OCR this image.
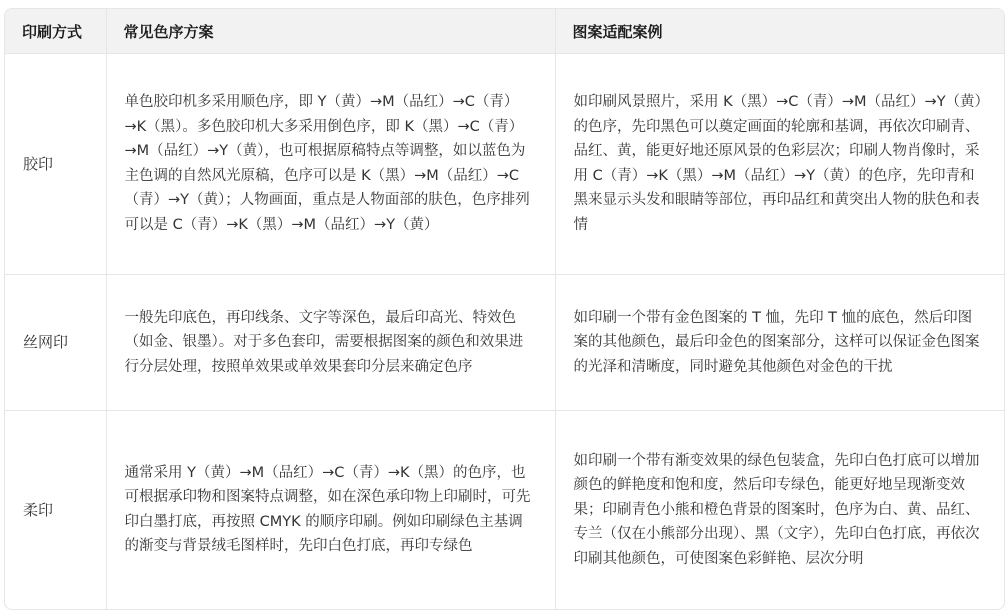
印刷方式	常见色序方案	图案适配案例
胶印	单色胶印机多采用顺色序，即 Y（黄）→M（品红）→C（青）→K（黑）。多色胶印机大多采用倒色序，即 K（黑）→C（青）→M（品红）→Y（黄），也可根据原稿特点等调整，如以蓝色为主色调的自然风光原稿，色序可以是 K（黑）→M（品红）→C（青）→Y（黄）；人物画面，重点是人物面部的肤色，色序排列可以是 C（青）→K（黑）→M（品红）→Y（黄）	如印刷风景照片，采用 K（黑）→C（青）→M（品红）→Y（黄）的色序，先印黑色可以奠定画面的轮廓和基调，再依次印刷青、品红、黄，能更好地还原风景的色彩层次；印刷人物肖像时，采用 C（青）→K（黑）→M（品红）→Y（黄）的色序，先印青和黑来显示头发和眼睛等部位，再印品红和黄突出人物的肤色和表情

丝网印	一般先印底色，再印线条、文字等深色，最后印高光、特效色（如金、银墨）。对于多色套印，需要根据图案的颜色和效果进行分层处理，按照单效果或单效果套印分层来确定色序	如印刷一个带有金色图案的 T 恤，先印 T 恤的底色，然后印图案的其他颜色，最后印金色的图案部分，这样可以保证金色图案的光泽和清晰度，同时避免其他颜色对金色的干扰

柔印	通常采用 Y（黄）→M（品红）→C（青）→K（黑）的色序，也可根据承印物和图案特点调整，如在深色承印物上印刷时，可先印白墨打底，再按照 CMYK 的顺序印刷。例如印刷绿色主基调的渐变与背景绒毛图样时，先印白色打底，再印专绿色	如印刷一个带有渐变效果的绿色包装盒，先印白色打底可以增加颜色的鲜艳度和饱和度，然后印专绿色，能更好地呈现渐变效果；印刷青色小熊和橙色背景的图案时，色序为白、黄、品红、专兰（仅在小熊部分出现）、黑（文字），先印白色打底，再依次印刷其他颜色，可使图案色彩鲜艳、层次分明
